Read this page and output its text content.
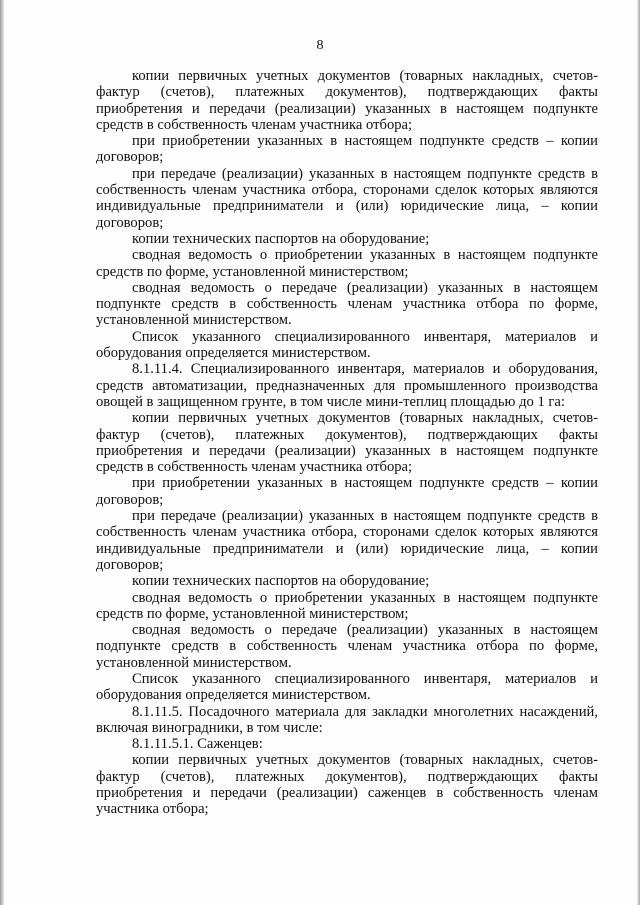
8

копии первичных учетных документов (товарных накладных, счетов-фактур (счетов), платежных документов), подтверждающих факты приобретения и передачи (реализации) указанных в настоящем подпункте средств в собственность членам участника отбора;

при приобретении указанных в настоящем подпункте средств – копии договоров;

при передаче (реализации) указанных в настоящем подпункте средств в собственность членам участника отбора, сторонами сделок которых являются индивидуальные предприниматели и (или) юридические лица, – копии договоров;

копии технических паспортов на оборудование;

сводная ведомость о приобретении указанных в настоящем подпункте средств по форме, установленной министерством;

сводная ведомость о передаче (реализации) указанных в настоящем подпункте средств в собственность членам участника отбора по форме, установленной министерством.

Список указанного специализированного инвентаря, материалов и оборудования определяется министерством.

8.1.11.4. Специализированного инвентаря, материалов и оборудования, средств автоматизации, предназначенных для промышленного производства овощей в защищенном грунте, в том числе мини-теплиц площадью до 1 га:

копии первичных учетных документов (товарных накладных, счетов-фактур (счетов), платежных документов), подтверждающих факты приобретения и передачи (реализации) указанных в настоящем подпункте средств в собственность членам участника отбора;

при приобретении указанных в настоящем подпункте средств – копии договоров;

при передаче (реализации) указанных в настоящем подпункте средств в собственность членам участника отбора, сторонами сделок которых являются индивидуальные предприниматели и (или) юридические лица, – копии договоров;

копии технических паспортов на оборудование;

сводная ведомость о приобретении указанных в настоящем подпункте средств по форме, установленной министерством;

сводная ведомость о передаче (реализации) указанных в настоящем подпункте средств в собственность членам участника отбора по форме, установленной министерством.

Список указанного специализированного инвентаря, материалов и оборудования определяется министерством.

8.1.11.5. Посадочного материала для закладки многолетних насаждений, включая виноградники, в том числе:

8.1.11.5.1. Саженцев:

копии первичных учетных документов (товарных накладных, счетов-фактур (счетов), платежных документов), подтверждающих факты приобретения и передачи (реализации) саженцев в собственность членам участника отбора;
